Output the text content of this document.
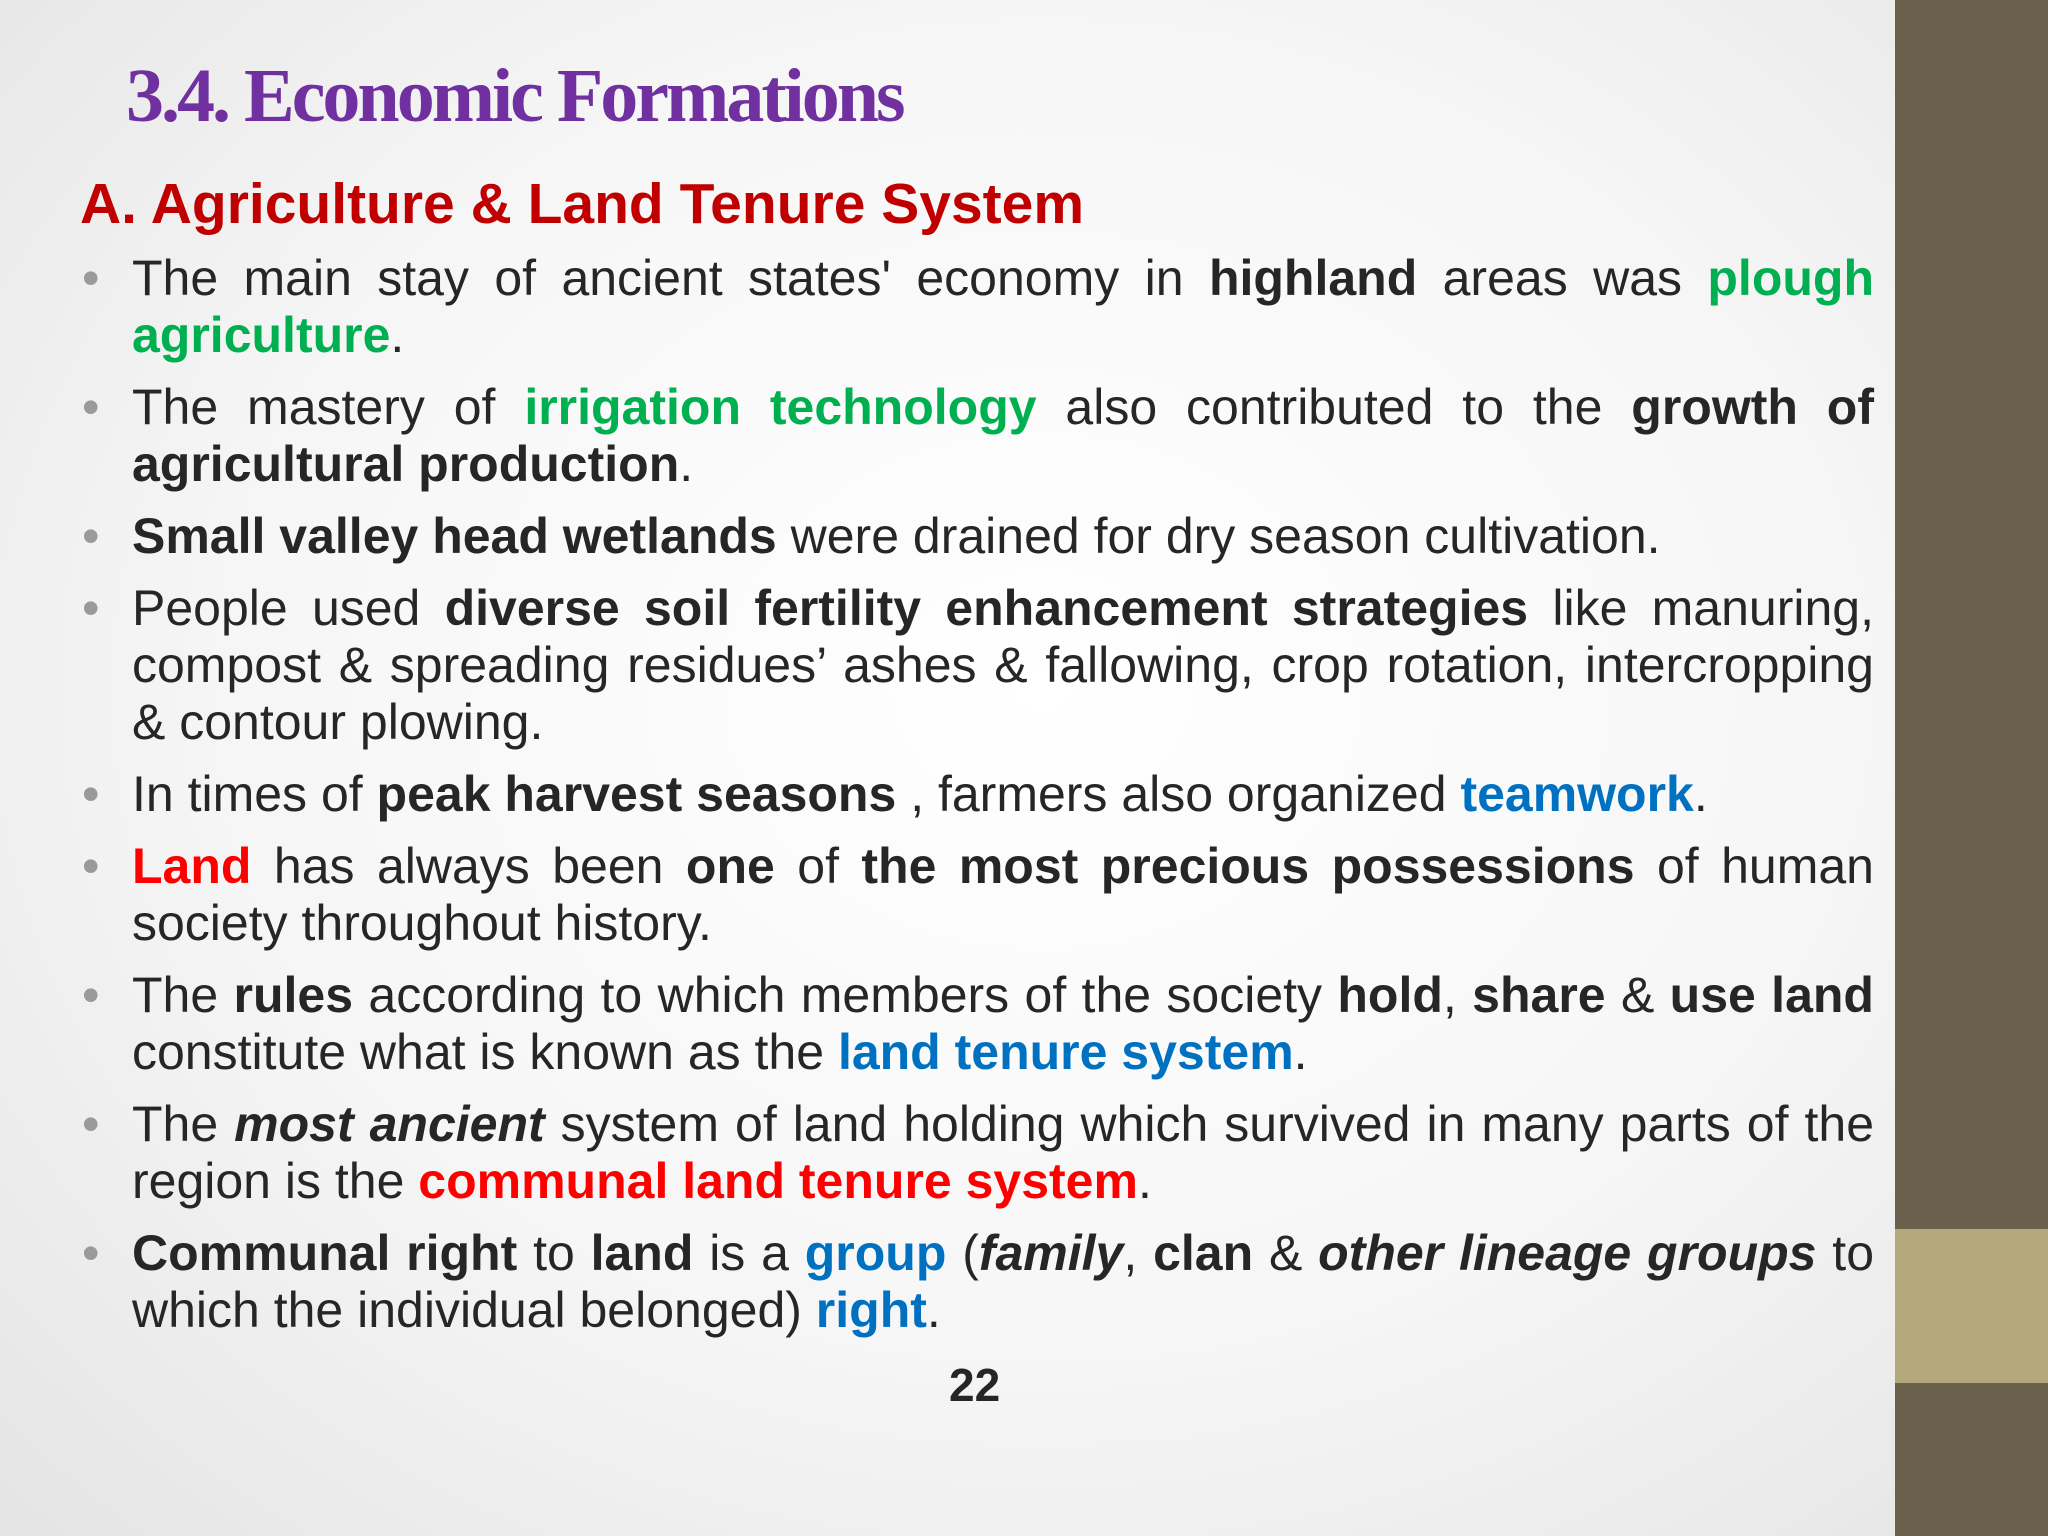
3.4. Economic Formations
A. Agriculture & Land Tenure System
• The main stay of ancient states' economy in highland areas was plough agriculture.
• The mastery of irrigation technology also contributed to the growth of agricultural production.
• Small valley head wetlands were drained for dry season cultivation.
• People used diverse soil fertility enhancement strategies like manuring, compost & spreading residues’ ashes & fallowing, crop rotation, intercropping & contour plowing.
• In times of peak harvest seasons , farmers also organized teamwork.
• Land has always been one of the most precious possessions of human society throughout history.
• The rules according to which members of the society hold, share & use land constitute what is known as the land tenure system.
• The most ancient system of land holding which survived in many parts of the region is the communal land tenure system.
• Communal right to land is a group (family, clan & other lineage groups to which the individual belonged) right.
22
